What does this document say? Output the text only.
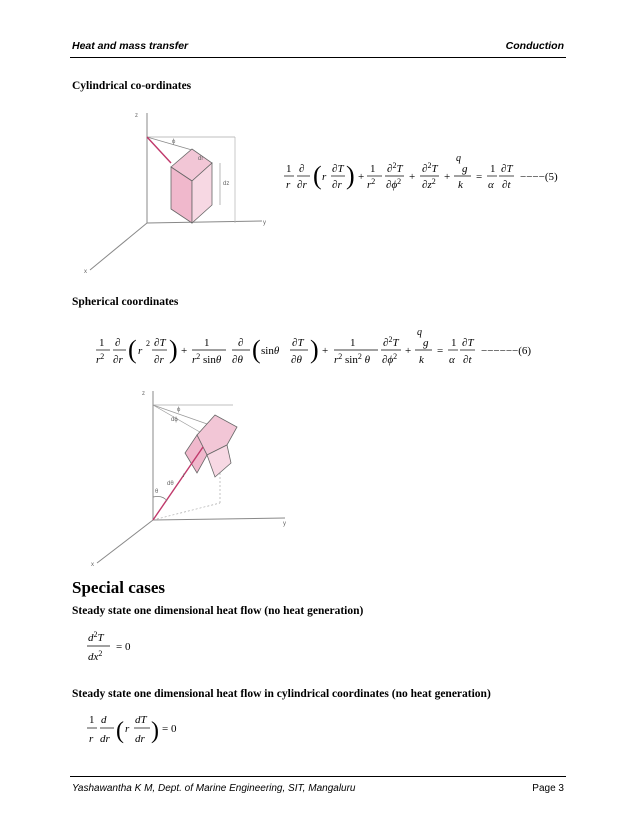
Heat and mass transfer	Conduction
Cylindrical co-ordinates
z
y
x
ϕ
dz
dr
1
r
∂
∂r ( r
∂T
∂r ) +
1
$r^2$
∂$^2$T
$\partial\phi^2$ +
∂$^2$T
$\partial z^2$ +
q
g
k
=
1
α
∂T
∂t
−−−−(5)
Spherical coordinates
1
$r^2$
∂
∂r ( r
2 ∂T
∂r ) +
1
$r^2$ sinθ
∂
∂θ ( sinθ
∂T
∂θ ) +
1
$r^2$ $\sin^2 \theta$
∂$^2$T
$\partial\phi^2$ +
q
g
k
=
1
α
∂T
∂t
−−−−−−(6)
z
y
x
ϕ
dϕ
θ
dθ
r
Special cases
Steady state one dimensional heat flow (no heat generation)
$d^2T$
$dx^2$
= 0
Steady state one dimensional heat flow in cylindrical coordinates (no heat generation)
1
r
d
dr ( r
dT
dr ) = 0
Yashawantha K M, Dept. of Marine Engineering, SIT, Mangaluru	Page 3
